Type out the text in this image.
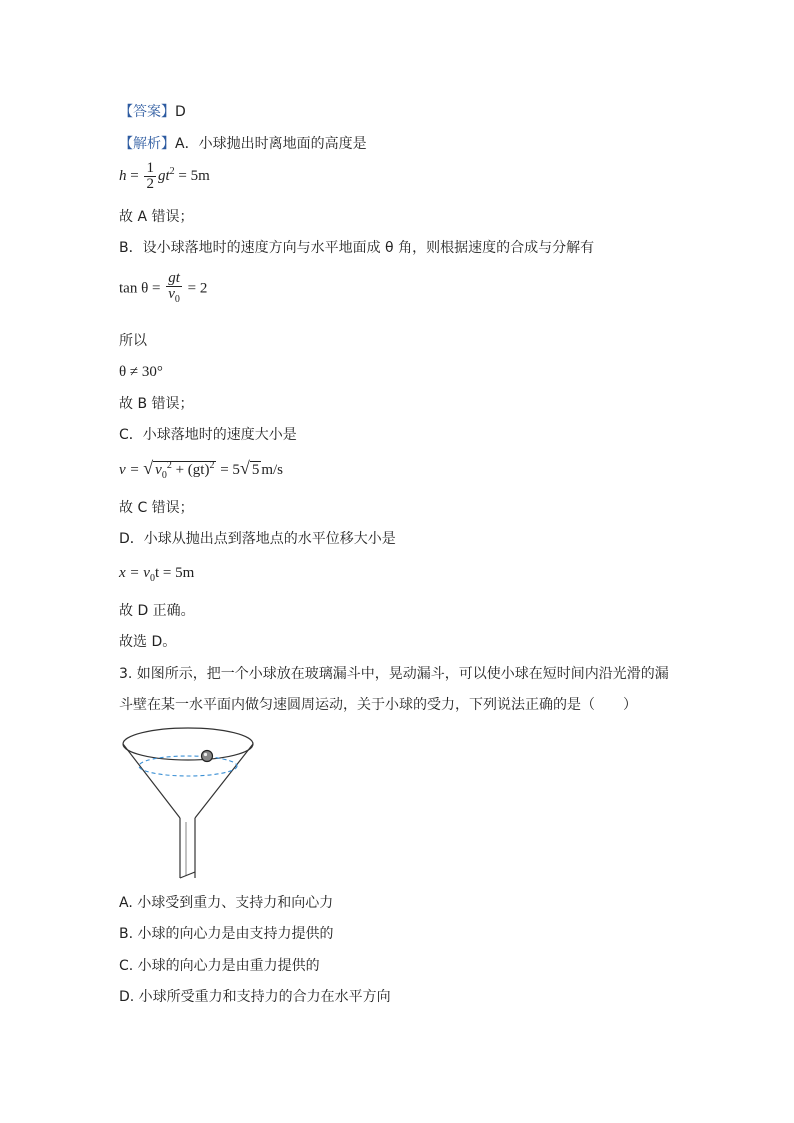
【答案】D
【解析】A．小球抛出时离地面的高度是
$h = \frac{1}{2} gt^2 = 5m$
故 A 错误；
B．设小球落地时的速度方向与水平地面成 θ 角，则根据速度的合成与分解有
$\tan \theta = \frac{gt}{v_0} = 2$
所以
θ ≠ 30°
故 B 错误；
C．小球落地时的速度大小是
v = √ $v_0^2 + (gt)^2 = 5√$ 5 m/s
故 C 错误；
D．小球从抛出点到落地点的水平位移大小是
$x = v_0t = 5m$
故 D 正确。
故选 D。
3. 如图所示，把一个小球放在玻璃漏斗中，晃动漏斗，可以使小球在短时间内沿光滑的漏
斗壁在某一水平面内做匀速圆周运动，关于小球的受力，下列说法正确的是（　　）
A. 小球受到重力、支持力和向心力
B. 小球的向心力是由支持力提供的
C. 小球的向心力是由重力提供的
D. 小球所受重力和支持力的合力在水平方向
